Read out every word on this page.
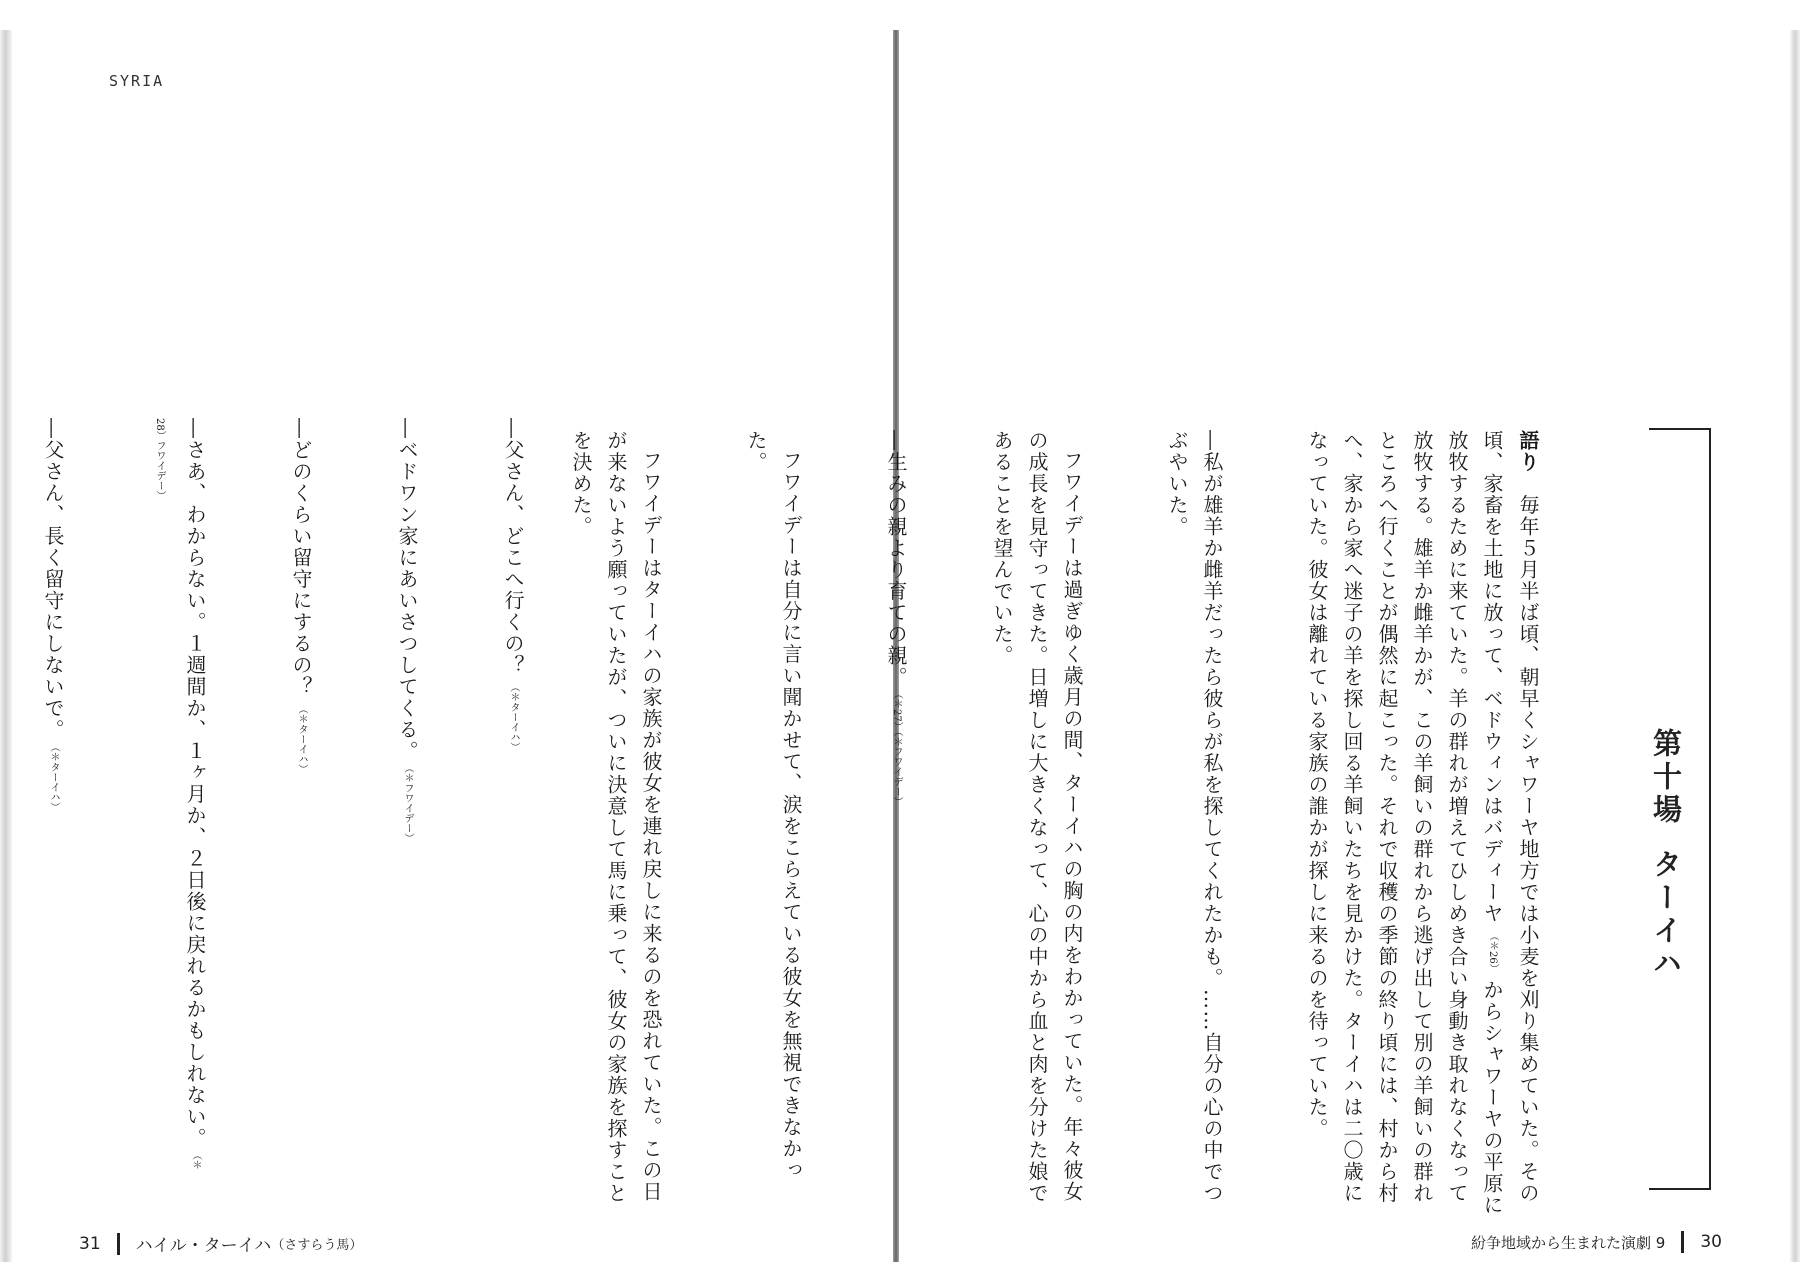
SYRIA
第十場ターイハ

語り　毎年５月半ば頃、朝早くシャワーヤ地方では小麦を刈り集めていた。その頃、家畜を土地に放って、ベドウィンはバディーヤ（＊26）からシャワーヤの平原に放牧するために来ていた。羊の群れが増えてひしめき合い身動き取れなくなって放牧する。雄羊か雌羊かが、この羊飼いの群れから逃げ出して別の羊飼いの群れところへ行くことが偶然に起こった。それで収穫の季節の終り頃には、村から村へ、家から家へ迷子の羊を探し回る羊飼いたちを見かけた。ターイハは二〇歳になっていた。彼女は離れている家族の誰かが探しに来るのを待っていた。

―私が雄羊か雌羊だったら彼らが私を探してくれたかも。……自分の心の中でつぶやいた。

フワイデーは過ぎゆく歳月の間、ターイハの胸の内をわかっていた。年々彼女の成長を見守ってきた。日増しに大きくなって、心の中から血と肉を分けた娘であることを望んでいた。

―生みの親より育ての親。（＊27）（＊フワイデー）

フワイデーは自分に言い聞かせて、涙をこらえている彼女を無視できなかった。

フワイデーはターイハの家族が彼女を連れ戻しに来るのを恐れていた。この日が来ないよう願っていたが、ついに決意して馬に乗って、彼女の家族を探すことを決めた。

―父さん、どこへ行くの？（＊ターイハ）

―ベドワン家にあいさつしてくる。（＊フワイデー）

―どのくらい留守にするの？（＊ターイハ）

―さあ、わからない。１週間か、１ヶ月か、２日後に戻れるかもしれない。（＊28）フワイデー）

―父さん、長く留守にしないで。（＊ターイハ）

31 ハイル・ターイハ （さすらう馬）	紛争地域から生まれた演劇 9 30
